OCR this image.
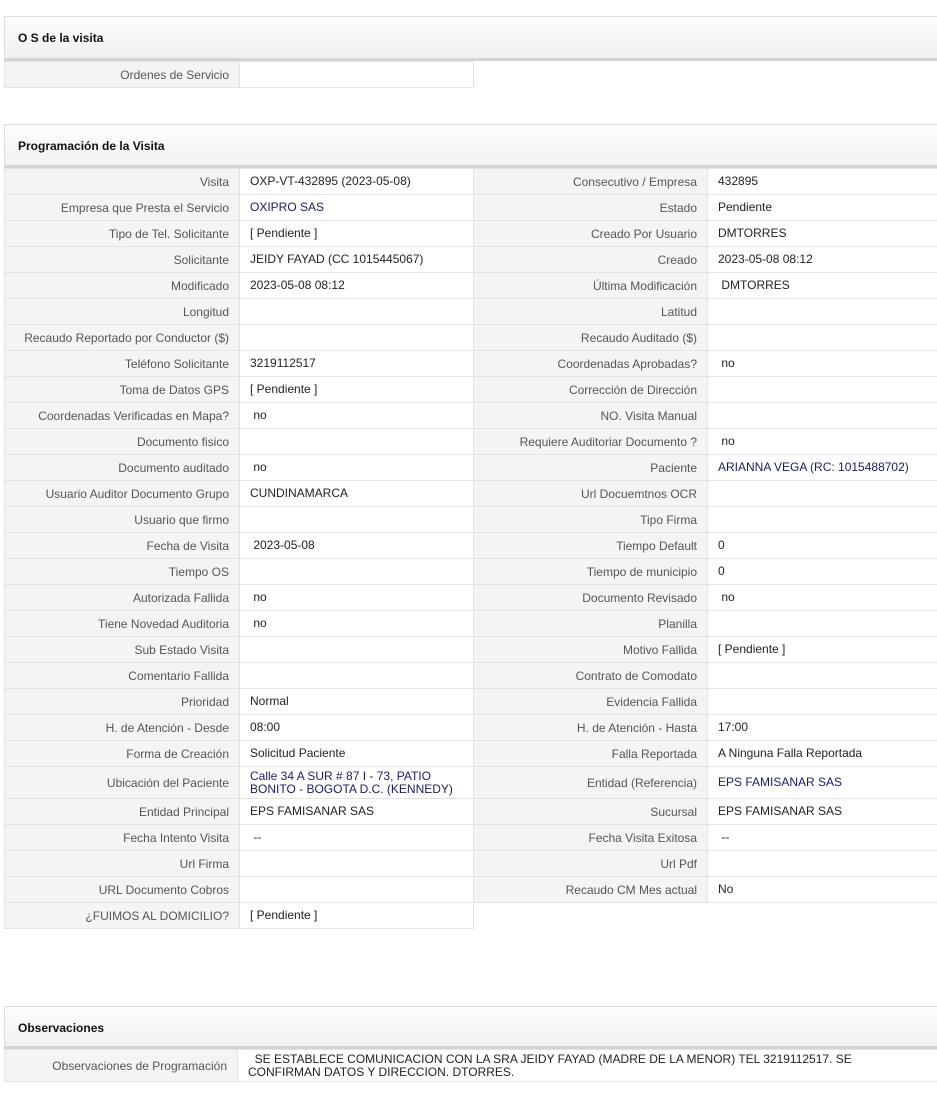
O S de la visita
Ordenes de Servicio	
Programación de la Visita
Visita	OXP-VT-432895 (2023-05-08)	Consecutivo / Empresa	432895
Empresa que Presta el Servicio	OXIPRO SAS	Estado	Pendiente
Tipo de Tel. Solicitante	[ Pendiente ]	Creado Por Usuario	DMTORRES
Solicitante	JEIDY FAYAD (CC 1015445067)	Creado	2023-05-08 08:12
Modificado	2023-05-08 08:12	Última Modificación	DMTORRES
Longitud		Latitud	
Recaudo Reportado por Conductor ($)		Recaudo Auditado ($)	
Teléfono Solicitante	3219112517	Coordenadas Aprobadas?	no
Toma de Datos GPS	[ Pendiente ]	Corrección de Dirección	
Coordenadas Verificadas en Mapa?	no	NO. Visita Manual	
Documento fisico		Requiere Auditoriar Documento ?	no
Documento auditado	no	Paciente	ARIANNA VEGA (RC: 1015488702)
Usuario Auditor Documento Grupo	CUNDINAMARCA	Url Docuemtnos OCR	
Usuario que firmo		Tipo Firma	
Fecha de Visita	2023-05-08	Tiempo Default	0
Tiempo OS		Tiempo de municipio	0
Autorizada Fallida	no	Documento Revisado	no
Tiene Novedad Auditoria	no	Planilla	
Sub Estado Visita		Motivo Fallida	[ Pendiente ]
Comentario Fallida		Contrato de Comodato	
Prioridad	Normal	Evidencia Fallida	
H. de Atención - Desde	08:00	H. de Atención - Hasta	17:00
Forma de Creación	Solicitud Paciente	Falla Reportada	A Ninguna Falla Reportada
Ubicación del Paciente	Calle 34 A SUR # 87 I - 73, PATIO BONITO - BOGOTA D.C. (KENNEDY)	Entidad (Referencia)	EPS FAMISANAR SAS
Entidad Principal	EPS FAMISANAR SAS	Sucursal	EPS FAMISANAR SAS
Fecha Intento Visita	--	Fecha Visita Exitosa	--
Url Firma		Url Pdf	
URL Documento Cobros		Recaudo CM Mes actual	No
¿FUIMOS AL DOMICILIO?	[ Pendiente ]		
Observaciones
Observaciones de Programación	SE ESTABLECE COMUNICACION CON LA SRA JEIDY FAYAD (MADRE DE LA MENOR) TEL 3219112517. SE CONFIRMAN DATOS Y DIRECCION. DTORRES.
